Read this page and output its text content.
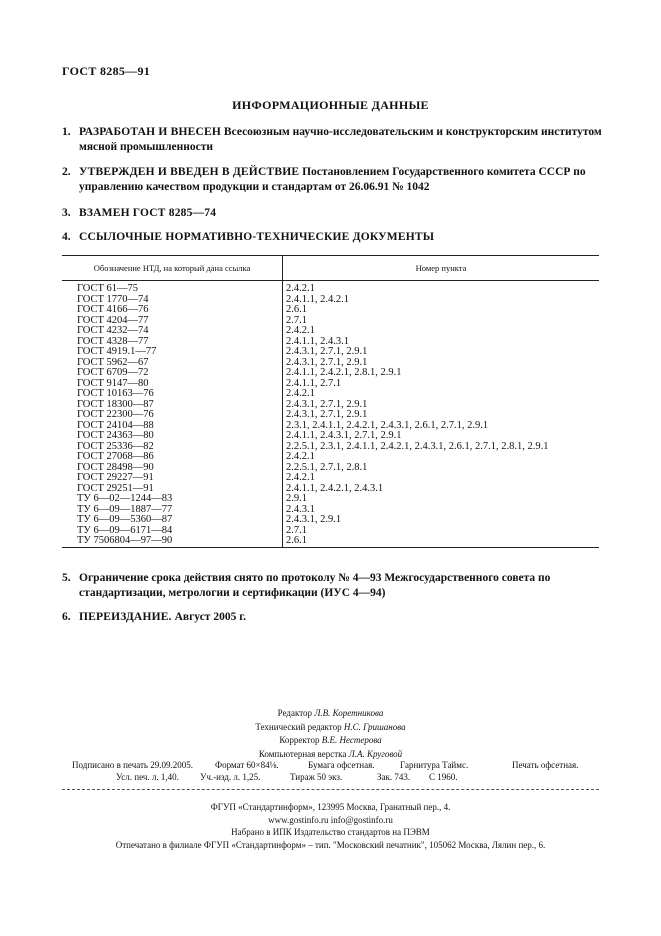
ГОСТ 8285—91
ИНФОРМАЦИОННЫЕ ДАННЫЕ
1. РАЗРАБОТАН И ВНЕСЕН Всесоюзным научно-исследовательским и конструкторским институтом мясной промышленности
2. УТВЕРЖДЕН И ВВЕДЕН В ДЕЙСТВИЕ Постановлением Государственного комитета СССР по управлению качеством продукции и стандартам от 26.06.91 № 1042
3. ВЗАМЕН ГОСТ 8285—74
4. ССЫЛОЧНЫЕ НОРМАТИВНО-ТЕХНИЧЕСКИЕ ДОКУМЕНТЫ
Обозначение НТД, на который дана ссылка	Номер пункта
ГОСТ 61—75	2.4.2.1
ГОСТ 1770—74	2.4.1.1, 2.4.2.1
ГОСТ 4166—76	2.6.1
ГОСТ 4204—77	2.7.1
ГОСТ 4232—74	2.4.2.1
ГОСТ 4328—77	2.4.1.1, 2.4.3.1
ГОСТ 4919.1—77	2.4.3.1, 2.7.1, 2.9.1
ГОСТ 5962—67	2.4.3.1, 2.7.1, 2.9.1
ГОСТ 6709—72	2.4.1.1, 2.4.2.1, 2.8.1, 2.9.1
ГОСТ 9147—80	2.4.1.1, 2.7.1
ГОСТ 10163—76	2.4.2.1
ГОСТ 18300—87	2.4.3.1, 2.7.1, 2.9.1
ГОСТ 22300—76	2.4.3.1, 2.7.1, 2.9.1
ГОСТ 24104—88	2.3.1, 2.4.1.1, 2.4.2.1, 2.4.3.1, 2.6.1, 2.7.1, 2.9.1
ГОСТ 24363—80	2.4.1.1, 2.4.3.1, 2.7.1, 2.9.1
ГОСТ 25336—82	2.2.5.1, 2.3.1, 2.4.1.1, 2.4.2.1, 2.4.3.1, 2.6.1, 2.7.1, 2.8.1, 2.9.1
ГОСТ 27068—86	2.4.2.1
ГОСТ 28498—90	2.2.5.1, 2.7.1, 2.8.1
ГОСТ 29227—91	2.4.2.1
ГОСТ 29251—91	2.4.1.1, 2.4.2.1, 2.4.3.1
ТУ 6—02—1244—83	2.9.1
ТУ 6—09—1887—77	2.4.3.1
ТУ 6—09—5360—87	2.4.3.1, 2.9.1
ТУ 6—09—6171—84	2.7.1
ТУ 7506804—97—90	2.6.1
5. Ограничение срока действия снято по протоколу № 4—93 Межгосударственного совета по стандартизации, метрологии и сертификации (ИУС 4—94)
6. ПЕРЕИЗДАНИЕ. Август 2005 г.
Редактор Л.В. Коретникова
Технический редактор Н.С. Гришанова
Корректор В.Е. Нестерова
Компьютерная верстка Л.А. Круговой
Подписано в печать 29.09.2005. Формат 60×84⅛.	Бумага офсетная.	Гарнитура Таймс.	Печать офсетная.
Усл. печ. л. 1,40. Уч.-изд. л. 1,25.	Тираж 50 экз.	Зак. 743. С 1960.
ФГУП «Стандартинформ», 123995 Москва, Гранатный пер., 4.
www.gostinfo.ru info@gostinfo.ru
Набрано в ИПК Издательство стандартов на ПЭВМ
Отпечатано в филиале ФГУП «Стандартинформ» – тип. "Московский печатник", 105062 Москва, Лялин пер., 6.
